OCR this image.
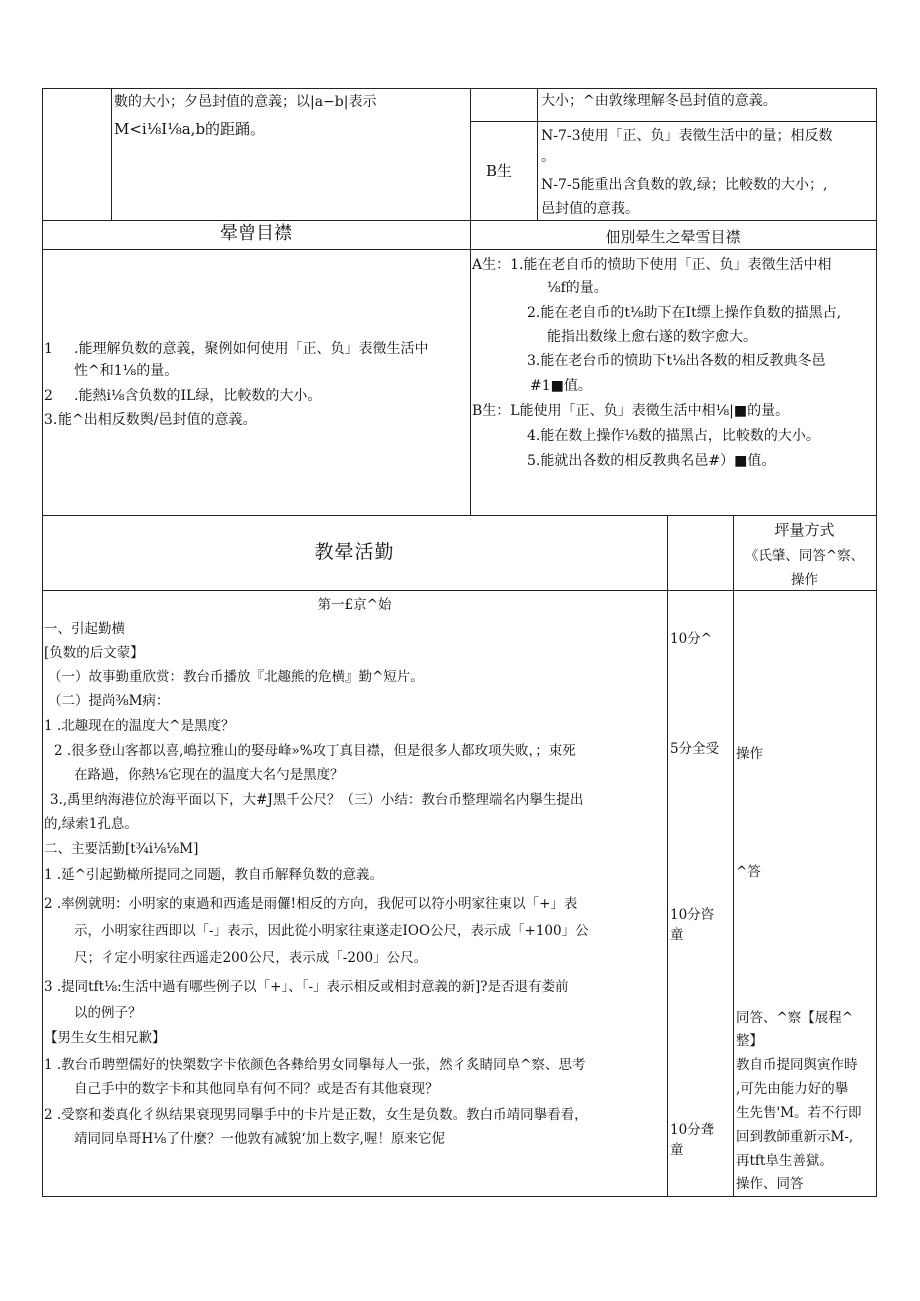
數的大小；夕邑封值的意義；以|a−b|表示
M<i⅛I⅛a,b的距踊。
大小；^由敦缘理解冬邑封值的意義。
B生
N-7-3使用「正、负」表徵生活中的量；相反数
。
N-7-5能重出含負数的敦,绿；比較数的大小；,
邑封值的意莪。
晕曾目襟	佃別晕生之晕雪目襟
1 .能理解负数的意義，聚例如何使用「正、负」表徵生活中
性^和1⅛的量。
2 .能熱i⅛含负数的IL绿，比較数的大小。
3. 能^出相反数舆/邑封值的意義。
A生：1.能在老自币的愤助下使用「正、负」表徵生活中相
⅛f的量。
2.能在老自币的t⅛助下在It缥上操作負数的描黑占,
能指出数缘上愈右遂的数字愈大。
3.能在老台币的愤助下t⅛出各数的相反教典冬邑
#1■值。
B生：L能使用「正、负」表徵生活中相⅛|■的量。
4.能在数上操作⅛数的描黑占，比較数的大小。
5.能就出各数的相反教典名邑#）■值。
教晕活勤
坪量方式
《氏肇、同答^察、
操作
第一£京^始
一、引起勤横
[负数的后文蒙】
（一）故事勤重欣赏：教台币播放『北趣熊的危横』勤^短片。
（二）提尚⅜M病：
1 .北趣现在的温度大^是黑度？
2 .很多登山客都以喜,嶋拉雅山的娶母峰»%攻丁真目襟，但是很多人都玫项失败，；束死
在路過，你熱⅛它现在的温度大名勺是黑度？
3.,禹里纳海港位於海平面以下，大#J黑千公尺？（三）小结：教台币整理端名内擧生提出
的,绿索1孔息。
二、主要活勤[t¾i⅛⅛M]
1 .延^引起勤橄所提同之同题，教自币解释负数的意義。
2 .率例就明：小明家的東過和西遙是雨儸!相反的方向，我伲可以符小明家往東以「+」表
示，小明家往西即以「-」表示，因此從小明家往東遂走IOO公尺，表示成「+100」公
尺；彳定小明家往西遥走200公尺，表示成「-200」公尺。
3 .提同tft⅛:生活中過有哪些例子以「+」、「-」表示相反或相封意義的新]?是否退有娄前
以的例子？
【男生女生相兄歉】
1 .教台币聘塑儒好的快槊数字卡依颜色各彝给男女同擧每人一张，然彳炙睛同阜^察、思考
自己手中的数字卡和其他同阜有何不同？或是否有其他衰现？
2 .受察和娄真化彳纵结果衰现男同擧手中的卡片是正数，女生是负数。教白币靖同擧看看，
靖同同阜哥H⅛了什麼？一他敦有减貌‘加上数字,喔！原来它伲
10分^
5分全受
10分咨
童
10分聋
童
操作
^答
同答、^察【展程^
整】
教自币提同舆寅作時
,可先由能力好的擧
生先售'M。若不行即
回到教師重新示M-,
再tft阜生善獄。
操作、同答
